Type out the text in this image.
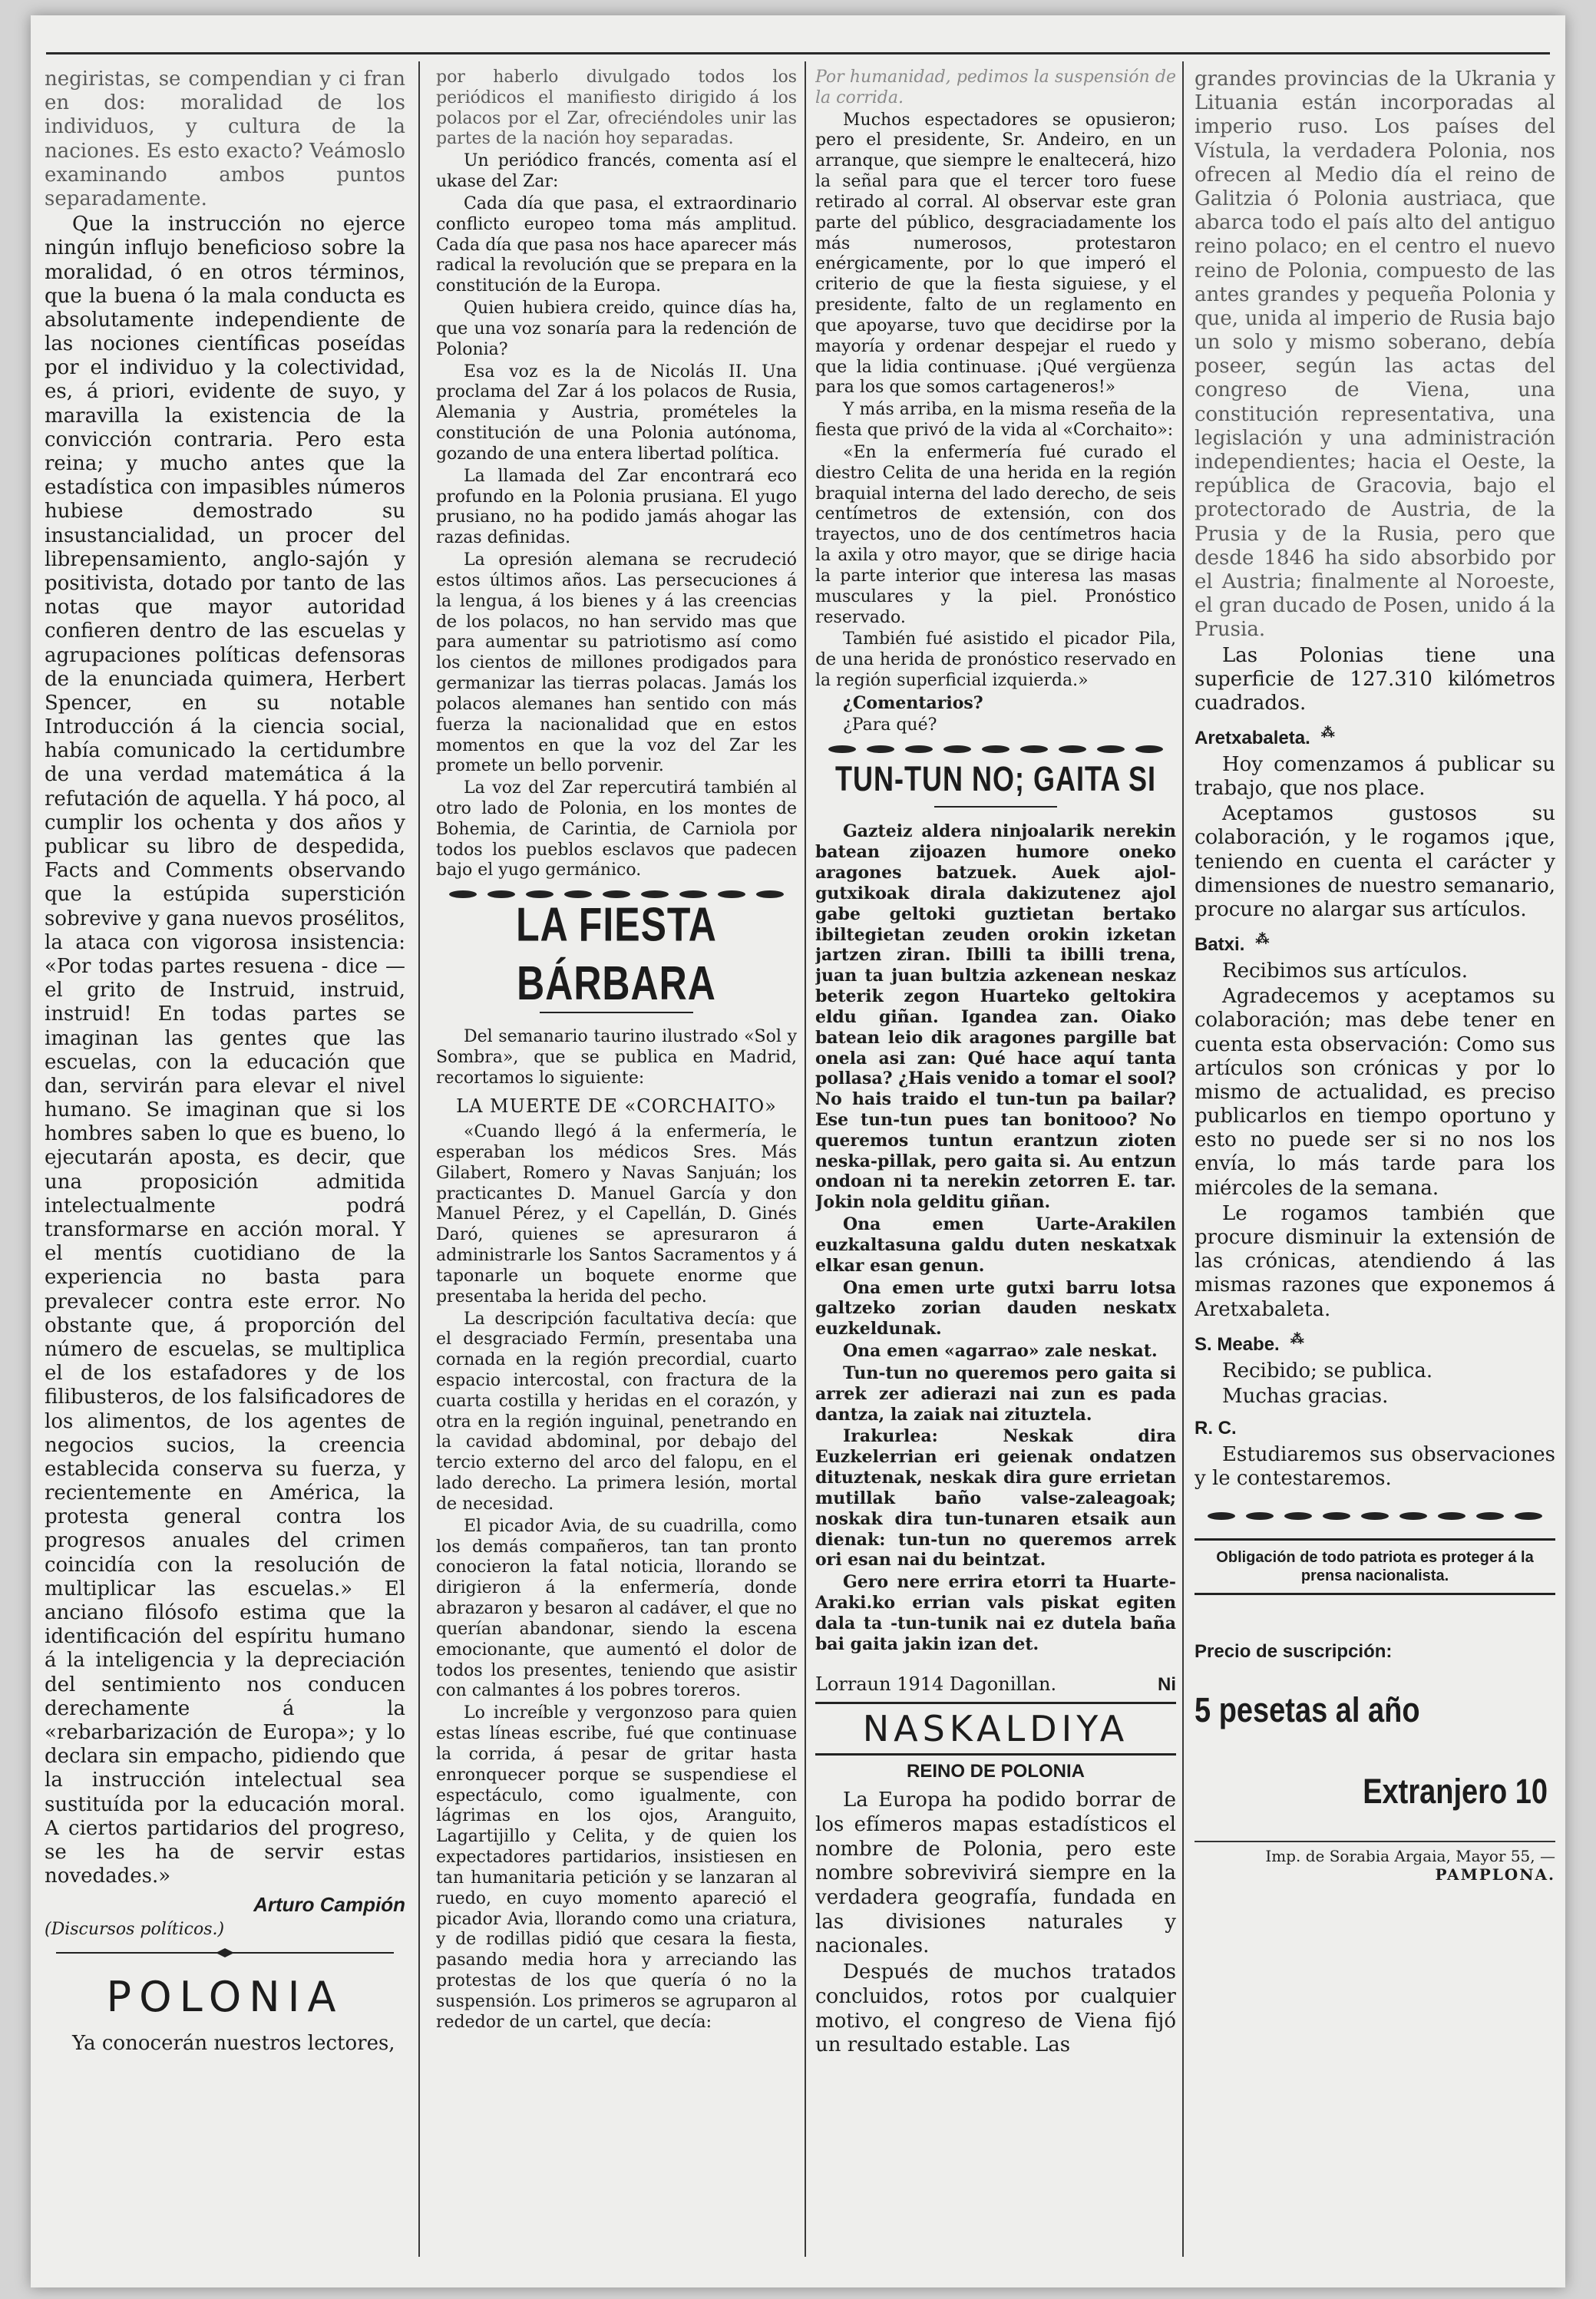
negiristas, se compendian y ci fran en dos: moralidad de los individuos, y cultura de la naciones. Es esto exacto? Veámoslo examinando ambos puntos separadamente.

Que la instrucción no ejerce ningún influjo beneficioso sobre la moralidad, ó en otros términos, que la buena ó la mala conducta es absolutamente independiente de las nociones científicas poseídas por el individuo y la colectividad, es, á priori, evidente de suyo, y maravilla la existencia de la convicción contraria. Pero esta reina; y mucho antes que la estadística con impasibles números hubiese demostrado su insustancialidad, un procer del librepensamiento, anglo-sajón y positivista, dotado por tanto de las notas que mayor autoridad confieren dentro de las escuelas y agrupaciones políticas defensoras de la enunciada quimera, Herbert Spencer, en su notable Introducción á la ciencia social, había comunicado la certidumbre de una verdad matemática á la refutación de aquella. Y há poco, al cumplir los ochenta y dos años y publicar su libro de despedida, Facts and Comments observando que la estúpida superstición sobrevive y gana nuevos prosélitos, la ataca con vigorosa insistencia: «Por todas partes resuena - dice — el grito de Instruid, instruid, instruid! En todas partes se imaginan las gentes que las escuelas, con la educación que dan, servirán para elevar el nivel humano. Se imaginan que si los hombres saben lo que es bueno, lo ejecutarán aposta, es decir, que una proposición admitida intelectualmente podrá transformarse en acción moral. Y el mentís cuotidiano de la experiencia no basta para prevalecer contra este error. No obstante que, á proporción del número de escuelas, se multiplica el de los estafadores y de los filibusteros, de los falsificadores de los alimentos, de los agentes de negocios sucios, la creencia establecida conserva su fuerza, y recientemente en América, la protesta general contra los progresos anuales del crimen coincidía con la resolución de multiplicar las escuelas.» El anciano filósofo estima que la identificación del espíritu humano á la inteligencia y la depreciación del sentimiento nos conducen derechamente á la «rebarbarización de Europa»; y lo declara sin empacho, pidiendo que la instrucción intelectual sea sustituída por la educación moral. A ciertos partidarios del progreso, se les ha de servir estas novedades.»

Arturo Campión
(Discursos políticos.)
POLONIA

Ya conocerán nuestros lectores,

por haberlo divulgado todos los periódicos el manifiesto dirigido á los polacos por el Zar, ofreciéndoles unir las partes de la nación hoy separadas.

Un periódico francés, comenta así el ukase del Zar:

Cada día que pasa, el extraordinario conflicto europeo toma más amplitud. Cada día que pasa nos hace aparecer más radical la revolución que se prepara en la constitución de la Europa.

Quien hubiera creido, quince días ha, que una voz sonaría para la redención de Polonia?

Esa voz es la de Nicolás II. Una proclama del Zar á los polacos de Rusia, Alemania y Austria, promételes la constitución de una Polonia autónoma, gozando de una entera libertad política.

La llamada del Zar encontrará eco profundo en la Polonia prusiana. El yugo prusiano, no ha podido jamás ahogar las razas definidas.

La opresión alemana se recrudeció estos últimos años. Las persecuciones á la lengua, á los bienes y á las creencias de los polacos, no han servido mas que para aumentar su patriotismo así como los cientos de millones prodigados para germanizar las tierras polacas. Jamás los polacos alemanes han sentido con más fuerza la nacionalidad que en estos momentos en que la voz del Zar les promete un bello porvenir.

La voz del Zar repercutirá también al otro lado de Polonia, en los montes de Bohemia, de Carintia, de Carniola por todos los pueblos esclavos que padecen bajo el yugo germánico.

LA FIESTA BÁRBARA

Del semanario taurino ilustrado «Sol y Sombra», que se publica en Madrid, recortamos lo siguiente:

LA MUERTE DE «CORCHAITO»

«Cuando llegó á la enfermería, le esperaban los médicos Sres. Más Gilabert, Romero y Navas Sanjuán; los practicantes D. Manuel García y don Manuel Pérez, y el Capellán, D. Ginés Daró, quienes se apresuraron á administrarle los Santos Sacramentos y á taponarle un boquete enorme que presentaba la herida del pecho.

La descripción facultativa decía: que el desgraciado Fermín, presentaba una cornada en la región precordial, cuarto espacio intercostal, con fractura de la cuarta costilla y heridas en el corazón, y otra en la región inguinal, penetrando en la cavidad abdominal, por debajo del tercio externo del arco del falopu, en el lado derecho. La primera lesión, mortal de necesidad.

El picador Avia, de su cuadrilla, como los demás compañeros, tan tan pronto conocieron la fatal noticia, llorando se dirigieron á la enfermería, donde abrazaron y besaron al cadáver, el que no querían abandonar, siendo la escena emocionante, que aumentó el dolor de todos los presentes, teniendo que asistir con calmantes á los pobres toreros.

Lo increíble y vergonzoso para quien estas líneas escribe, fué que continuase la corrida, á pesar de gritar hasta enronquecer porque se suspendiese el espectáculo, como igualmente, con lágrimas en los ojos, Aranguito, Lagartijillo y Celita, y de quien los expectadores partidarios, insistiesen en tan humanitaria petición y se lanzaran al ruedo, en cuyo momento apareció el picador Avia, llorando como una criatura, y de rodillas pidió que cesara la fiesta, pasando media hora y arreciando las protestas de los que quería ó no la suspensión. Los primeros se agruparon al rededor de un cartel, que decía:

Por humanidad, pedimos la suspensión de la corrida.

Muchos espectadores se opusieron; pero el presidente, Sr. Andeiro, en un arranque, que siempre le enaltecerá, hizo la señal para que el tercer toro fuese retirado al corral. Al observar este gran parte del público, desgraciadamente los más numerosos, protestaron enérgicamente, por lo que imperó el criterio de que la fiesta siguiese, y el presidente, falto de un reglamento en que apoyarse, tuvo que decidirse por la mayoría y ordenar despejar el ruedo y que la lidia continuase. ¡Qué vergüenza para los que somos cartageneros!»

Y más arriba, en la misma reseña de la fiesta que privó de la vida al «Corchaito»:

«En la enfermería fué curado el diestro Celita de una herida en la región braquial interna del lado derecho, de seis centímetros de extensión, con dos trayectos, uno de dos centímetros hacia la axila y otro mayor, que se dirige hacia la parte interior que interesa las masas musculares y la piel. Pronóstico reservado.

También fué asistido el picador Pila, de una herida de pronóstico reservado en la región superficial izquierda.»

¿Comentarios?

¿Para qué?

TUN-TUN NO; GAITA SI

Gazteiz aldera ninjoalarik nerekin batean zijoazen humore oneko aragones batzuek. Auek ajol-gutxikoak dirala dakizutenez ajol gabe geltoki guztietan bertako ibiltegietan zeuden orokin izketan jartzen ziran. Ibilli ta ibilli trena, juan ta juan bultzia azkenean neskaz beterik zegon Huarteko geltokira eldu giñan. Igandea zan. Oiako batean leio dik aragones pargille bat onela asi zan: Qué hace aquí tanta pollasa? ¿Hais venido a tomar el sool? No hais traido el tun-tun pa bailar? Ese tun-tun pues tan bonitooo? No queremos tuntun erantzun zioten neska-pillak, pero gaita si. Au entzun ondoan ni ta nerekin zetorren E. tar. Jokin nola gelditu giñan.

Ona emen Uarte-Arakilen euzkaltasuna galdu duten neskatxak elkar esan genun.

Ona emen urte gutxi barru lotsa galtzeko zorian dauden neskatx euzkeldunak.

Ona emen «agarrao» zale neskat.

Tun-tun no queremos pero gaita si arrek zer adierazi nai zun es pada dantza, la zaiak nai zituztela.

Irakurlea: Neskak dira Euzkelerrian eri geienak ondatzen dituztenak, neskak dira gure errietan mutillak baño valse-zaleagoak; noskak dira tun-tunaren etsaik aun dienak: tun-tun no queremos arrek ori esan nai du beintzat.

Gero nere errira etorri ta Huarte-Araki.ko errian vals piskat egiten dala ta -tun-tunik nai ez dutela baña bai gaita jakin izan det.

Lorraun 1914 Dagonillan.	Ni
NASKALDIYA
REINO DE POLONIA

La Europa ha podido borrar de los efímeros mapas estadísticos el nombre de Polonia, pero este nombre sobrevivirá siempre en la verdadera geografía, fundada en las divisiones naturales y nacionales.

Después de muchos tratados concluidos, rotos por cualquier motivo, el congreso de Viena fijó un resultado estable. Las

grandes provincias de la Ukrania y Lituania están incorporadas al imperio ruso. Los países del Vístula, la verdadera Polonia, nos ofrecen al Medio día el reino de Galitzia ó Polonia austriaca, que abarca todo el país alto del antiguo reino polaco; en el centro el nuevo reino de Polonia, compuesto de las antes grandes y pequeña Polonia y que, unida al imperio de Rusia bajo un solo y mismo soberano, debía poseer, según las actas del congreso de Viena, una constitución representativa, una legislación y una administración independientes; hacia el Oeste, la república de Gracovia, bajo el protectorado de Austria, de la Prusia y de la Rusia, pero que desde 1846 ha sido absorbido por el Austria; finalmente al Noroeste, el gran ducado de Posen, unido á la Prusia.

Las Polonias tiene una superficie de 127.310 kilómetros cuadrados.

Aretxabaleta. ⁂

Hoy comenzamos á publicar su trabajo, que nos place.

Aceptamos gustosos su colaboración, y le rogamos ¡que, teniendo en cuenta el carácter y dimensiones de nuestro semanario, procure no alargar sus artículos.

Batxi. ⁂

Recibimos sus artículos.

Agradecemos y aceptamos su colaboración; mas debe tener en cuenta esta observación: Como sus artículos son crónicas y por lo mismo de actualidad, es preciso publicarlos en tiempo oportuno y esto no puede ser si no nos los envía, lo más tarde para los miércoles de la semana.

Le rogamos también que procure disminuir la extensión de las crónicas, atendiendo á las mismas razones que exponemos á Aretxabaleta.

S. Meabe. ⁂

Recibido; se publica.

Muchas gracias.

R. C.

Estudiaremos sus observaciones y le contestaremos.

Obligación de todo patriota es proteger á la prensa nacionalista.
Precio de suscripción:
5 pesetas al año
Extranjero 10
Imp. de Sorabia Argaia, Mayor 55, — PAMPLONA.
